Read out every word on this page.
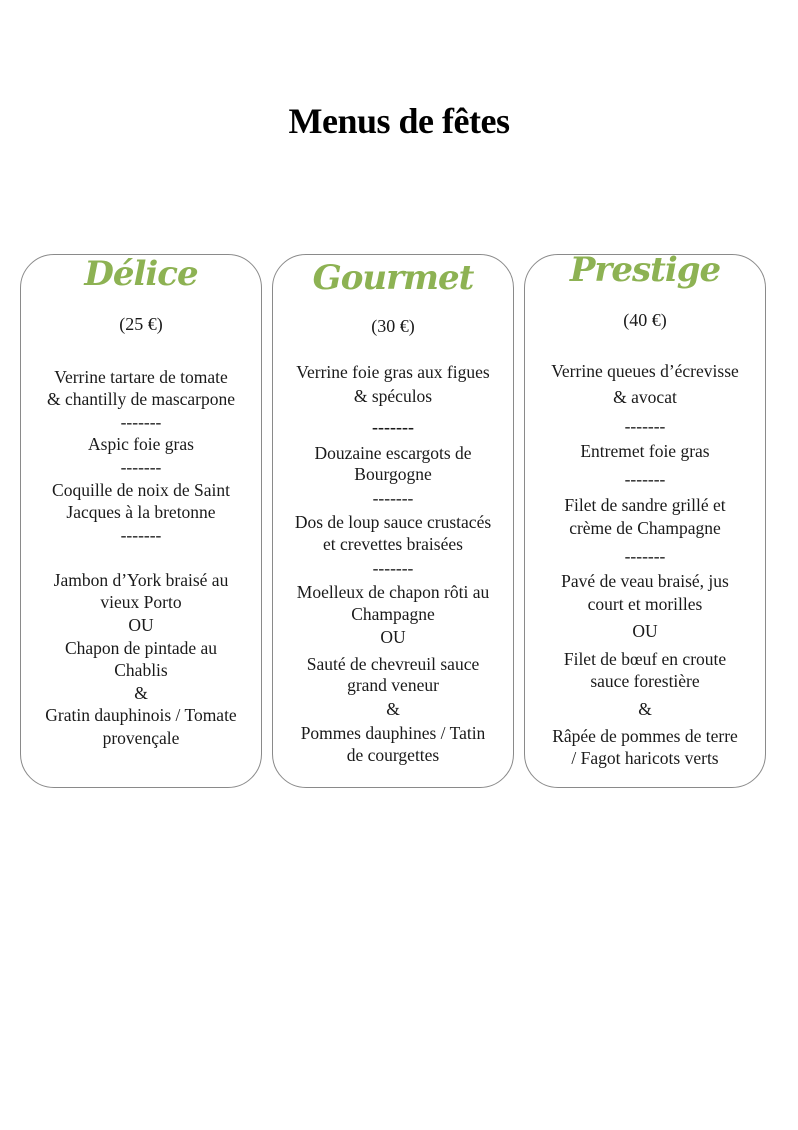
Menus de fêtes
Délice
(25 €)
Verrine tartare de tomate
& chantilly de mascarpone
-------
Aspic foie gras
-------
Coquille de noix de Saint
Jacques à la bretonne
-------
Jambon d’York braisé au
vieux Porto
OU
Chapon de pintade au
Chablis
&
Gratin dauphinois / Tomate
provençale
Gourmet
(30 €)
Verrine foie gras aux figues
& spéculos
-------
Douzaine escargots de
Bourgogne
-------
Dos de loup sauce crustacés
et crevettes braisées
-------
Moelleux de chapon rôti au
Champagne
OU
Sauté de chevreuil sauce
grand veneur
&
Pommes dauphines / Tatin
de courgettes
Prestige
(40 €)
Verrine queues d’écrevisse
& avocat
-------
Entremet foie gras
-------
Filet de sandre grillé et
crème de Champagne
-------
Pavé de veau braisé, jus
court et morilles
OU
Filet de bœuf en croute
sauce forestière
&
Râpée de pommes de terre
/ Fagot haricots verts
